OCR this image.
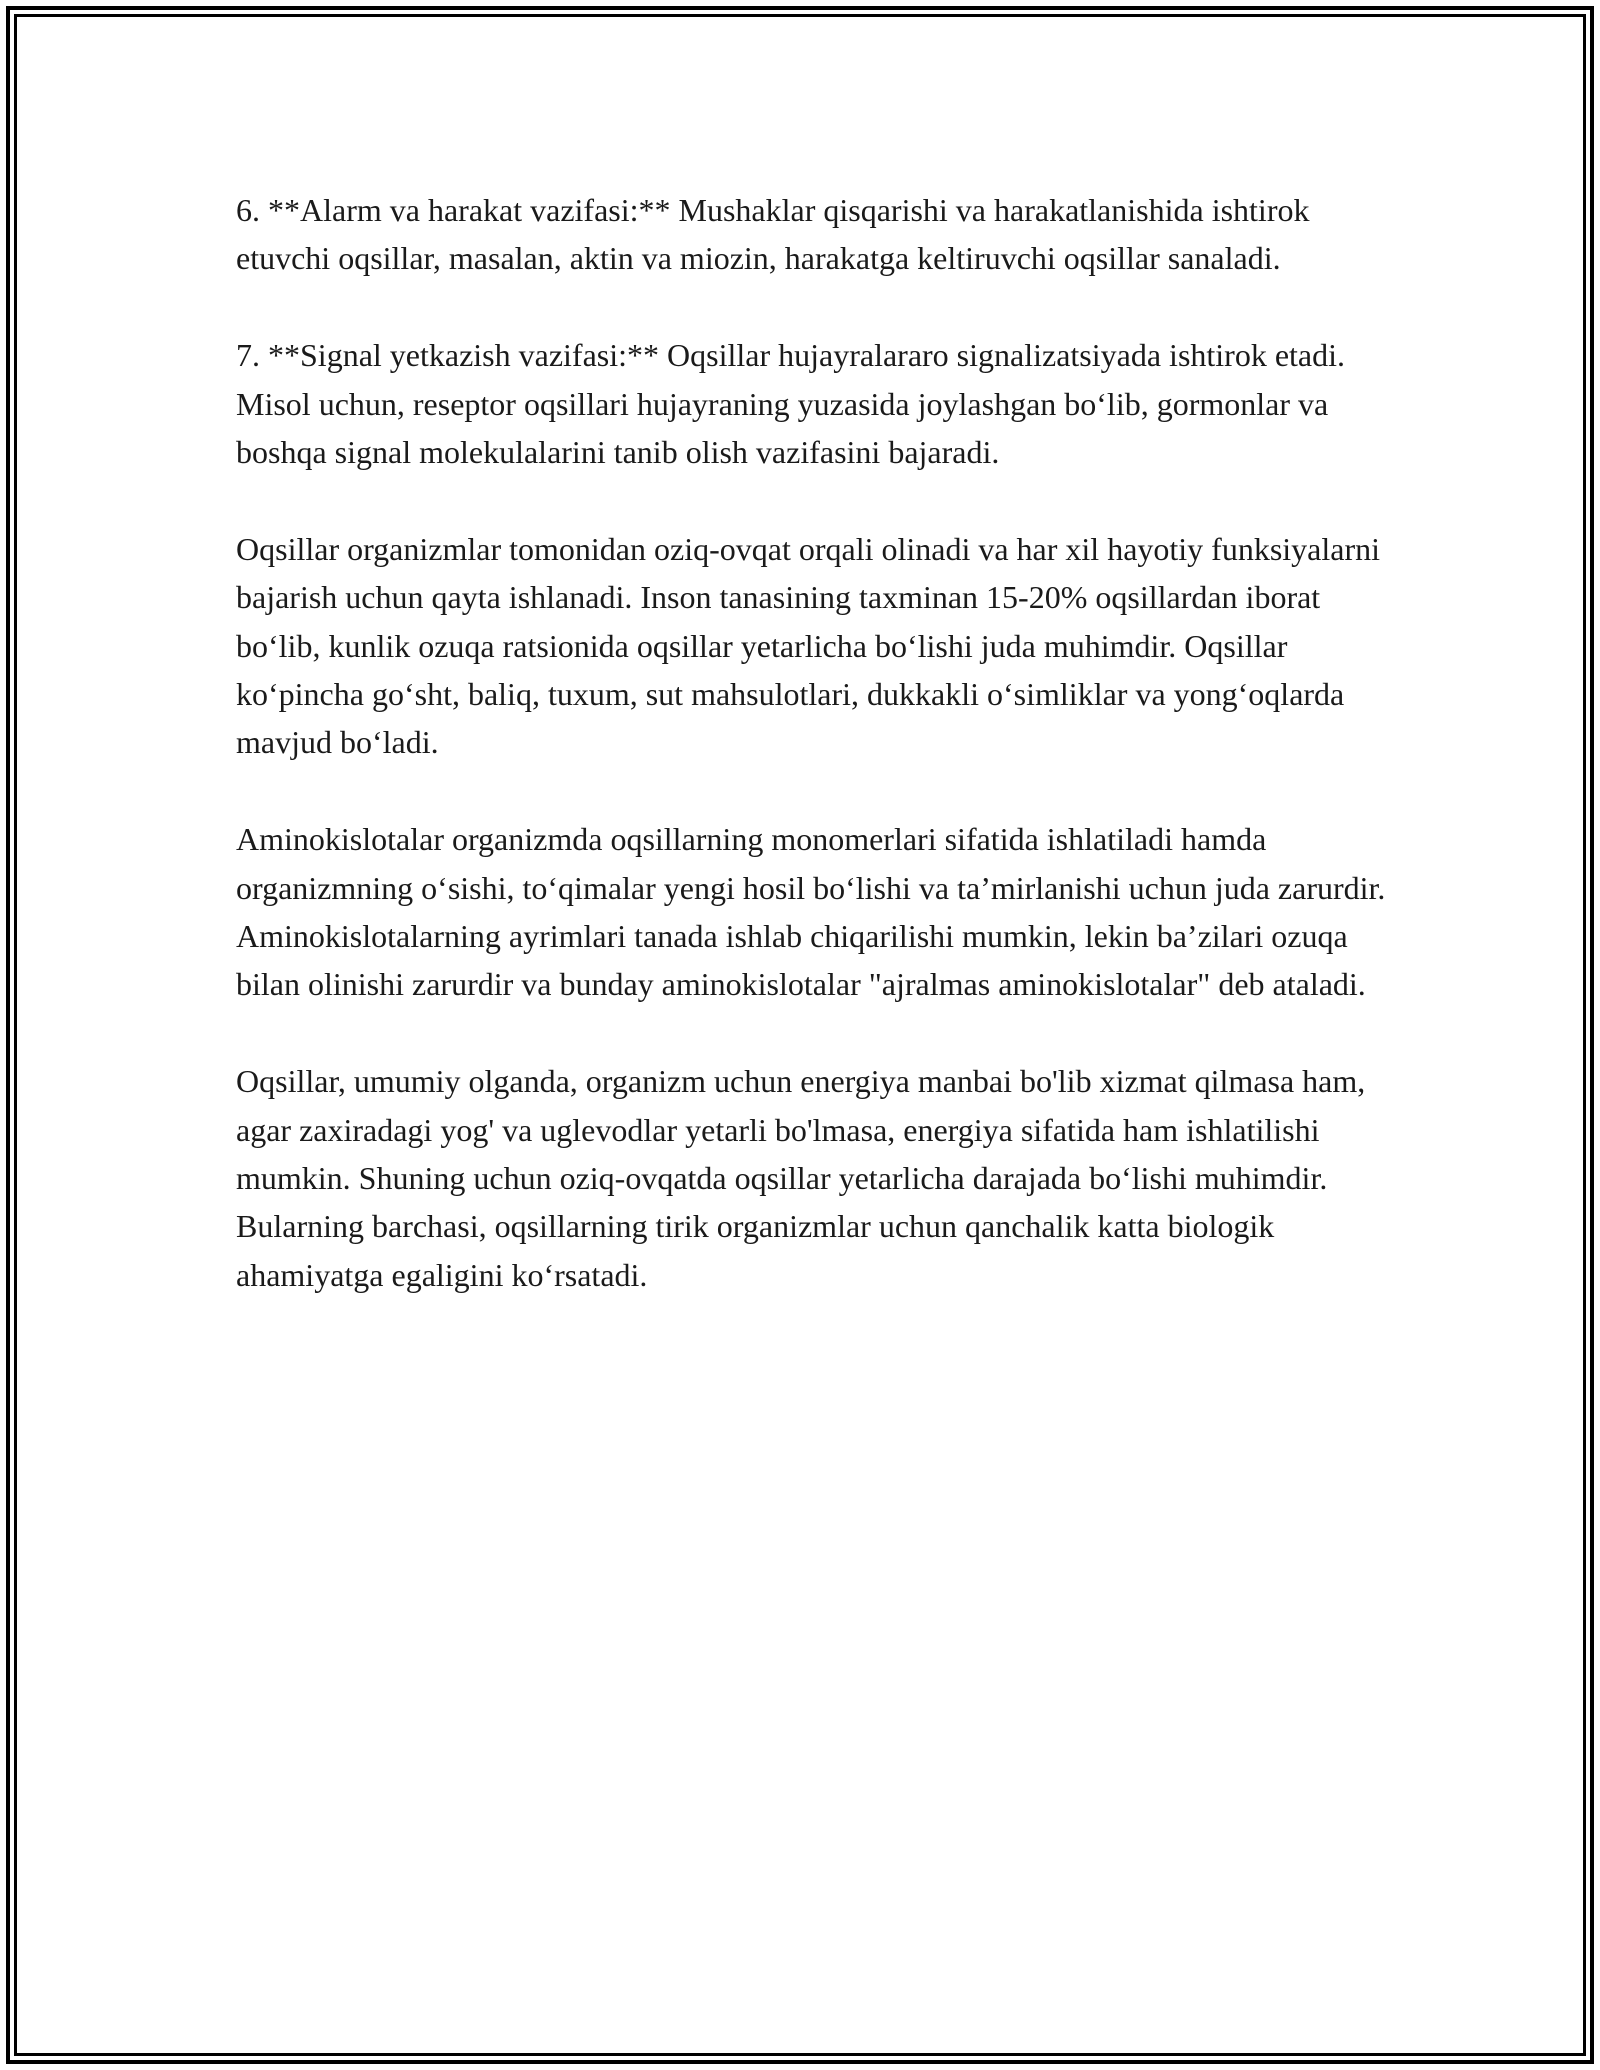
6. **Alarm va harakat vazifasi:** Mushaklar qisqarishi va harakatlanishida ishtirok etuvchi oqsillar, masalan, aktin va miozin, harakatga keltiruvchi oqsillar sanaladi.

7. **Signal yetkazish vazifasi:** Oqsillar hujayralararo signalizatsiyada ishtirok etadi. Misol uchun, reseptor oqsillari hujayraning yuzasida joylashgan bo‘lib, gormonlar va boshqa signal molekulalarini tanib olish vazifasini bajaradi.

Oqsillar organizmlar tomonidan oziq-ovqat orqali olinadi va har xil hayotiy funksiyalarni bajarish uchun qayta ishlanadi. Inson tanasining taxminan 15-20% oqsillardan iborat bo‘lib, kunlik ozuqa ratsionida oqsillar yetarlicha bo‘lishi juda muhimdir. Oqsillar ko‘pincha go‘sht, baliq, tuxum, sut mahsulotlari, dukkakli o‘simliklar va yong‘oqlarda mavjud bo‘ladi.

Aminokislotalar organizmda oqsillarning monomerlari sifatida ishlatiladi hamda organizmning o‘sishi, to‘qimalar yengi hosil bo‘lishi va ta’mirlanishi uchun juda zarurdir. Aminokislotalarning ayrimlari tanada ishlab chiqarilishi mumkin, lekin ba’zilari ozuqa bilan olinishi zarurdir va bunday aminokislotalar "ajralmas aminokislotalar" deb ataladi.

Oqsillar, umumiy olganda, organizm uchun energiya manbai bo'lib xizmat qilmasa ham, agar zaxiradagi yog' va uglevodlar yetarli bo'lmasa, energiya sifatida ham ishlatilishi mumkin. Shuning uchun oziq-ovqatda oqsillar yetarlicha darajada bo‘lishi muhimdir. Bularning barchasi, oqsillarning tirik organizmlar uchun qanchalik katta biologik ahamiyatga egaligini ko‘rsatadi.
